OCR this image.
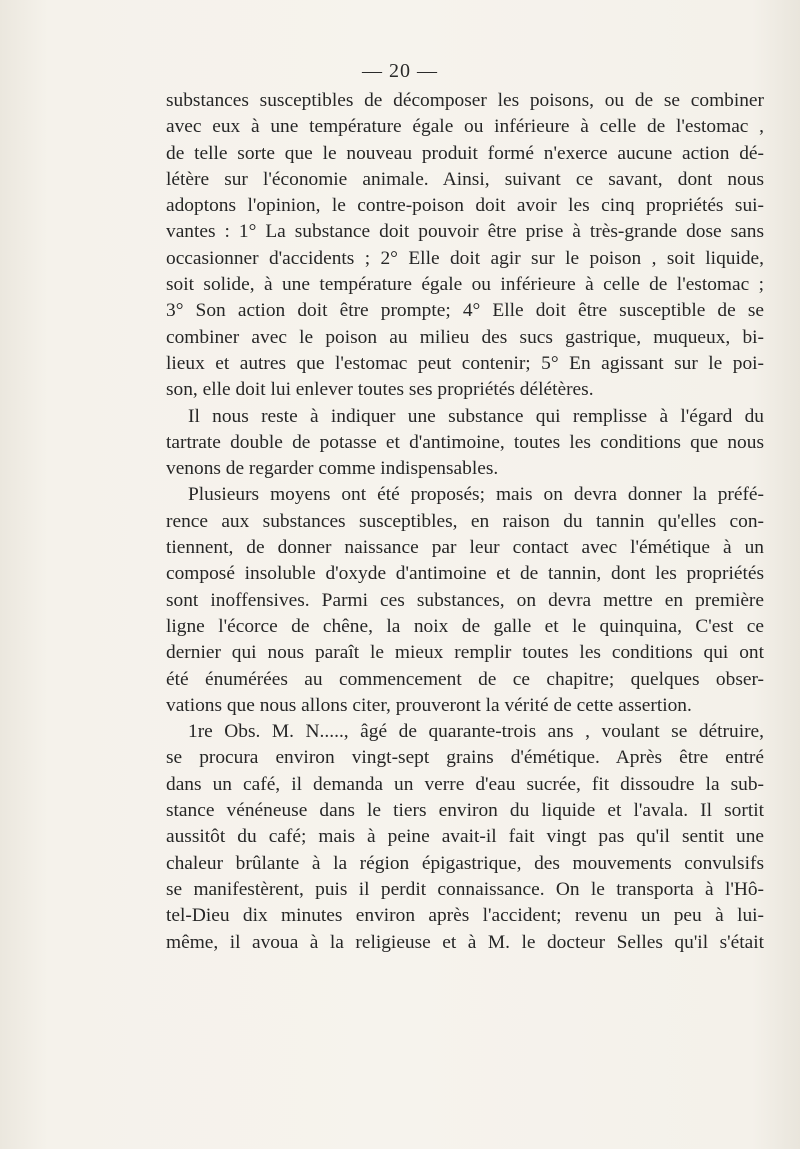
— 20 —
substances susceptibles de décomposer les poisons, ou de se combiner
avec eux à une température égale ou inférieure à celle de l'estomac ,
de telle sorte que le nouveau produit formé n'exerce aucune action dé-
létère sur l'économie animale. Ainsi, suivant ce savant, dont nous
adoptons l'opinion, le contre-poison doit avoir les cinq propriétés sui-
vantes : 1° La substance doit pouvoir être prise à très-grande dose sans
occasionner d'accidents ; 2° Elle doit agir sur le poison , soit liquide,
soit solide, à une température égale ou inférieure à celle de l'estomac ;
3° Son action doit être prompte; 4° Elle doit être susceptible de se
combiner avec le poison au milieu des sucs gastrique, muqueux, bi-
lieux et autres que l'estomac peut contenir; 5° En agissant sur le poi-
son, elle doit lui enlever toutes ses propriétés délétères.
Il nous reste à indiquer une substance qui remplisse à l'égard du
tartrate double de potasse et d'antimoine, toutes les conditions que nous
venons de regarder comme indispensables.
Plusieurs moyens ont été proposés; mais on devra donner la préfé-
rence aux substances susceptibles, en raison du tannin qu'elles con-
tiennent, de donner naissance par leur contact avec l'émétique à un
composé insoluble d'oxyde d'antimoine et de tannin, dont les propriétés
sont inoffensives. Parmi ces substances, on devra mettre en première
ligne l'écorce de chêne, la noix de galle et le quinquina, C'est ce
dernier qui nous paraît le mieux remplir toutes les conditions qui ont
été énumérées au commencement de ce chapitre; quelques obser-
vations que nous allons citer, prouveront la vérité de cette assertion.
1re Obs. M. N....., âgé de quarante-trois ans , voulant se détruire,
se procura environ vingt-sept grains d'émétique. Après être entré
dans un café, il demanda un verre d'eau sucrée, fit dissoudre la sub-
stance vénéneuse dans le tiers environ du liquide et l'avala. Il sortit
aussitôt du café; mais à peine avait-il fait vingt pas qu'il sentit une
chaleur brûlante à la région épigastrique, des mouvements convulsifs
se manifestèrent, puis il perdit connaissance. On le transporta à l'Hô-
tel-Dieu dix minutes environ après l'accident; revenu un peu à lui-
même, il avoua à la religieuse et à M. le docteur Selles qu'il s'était
